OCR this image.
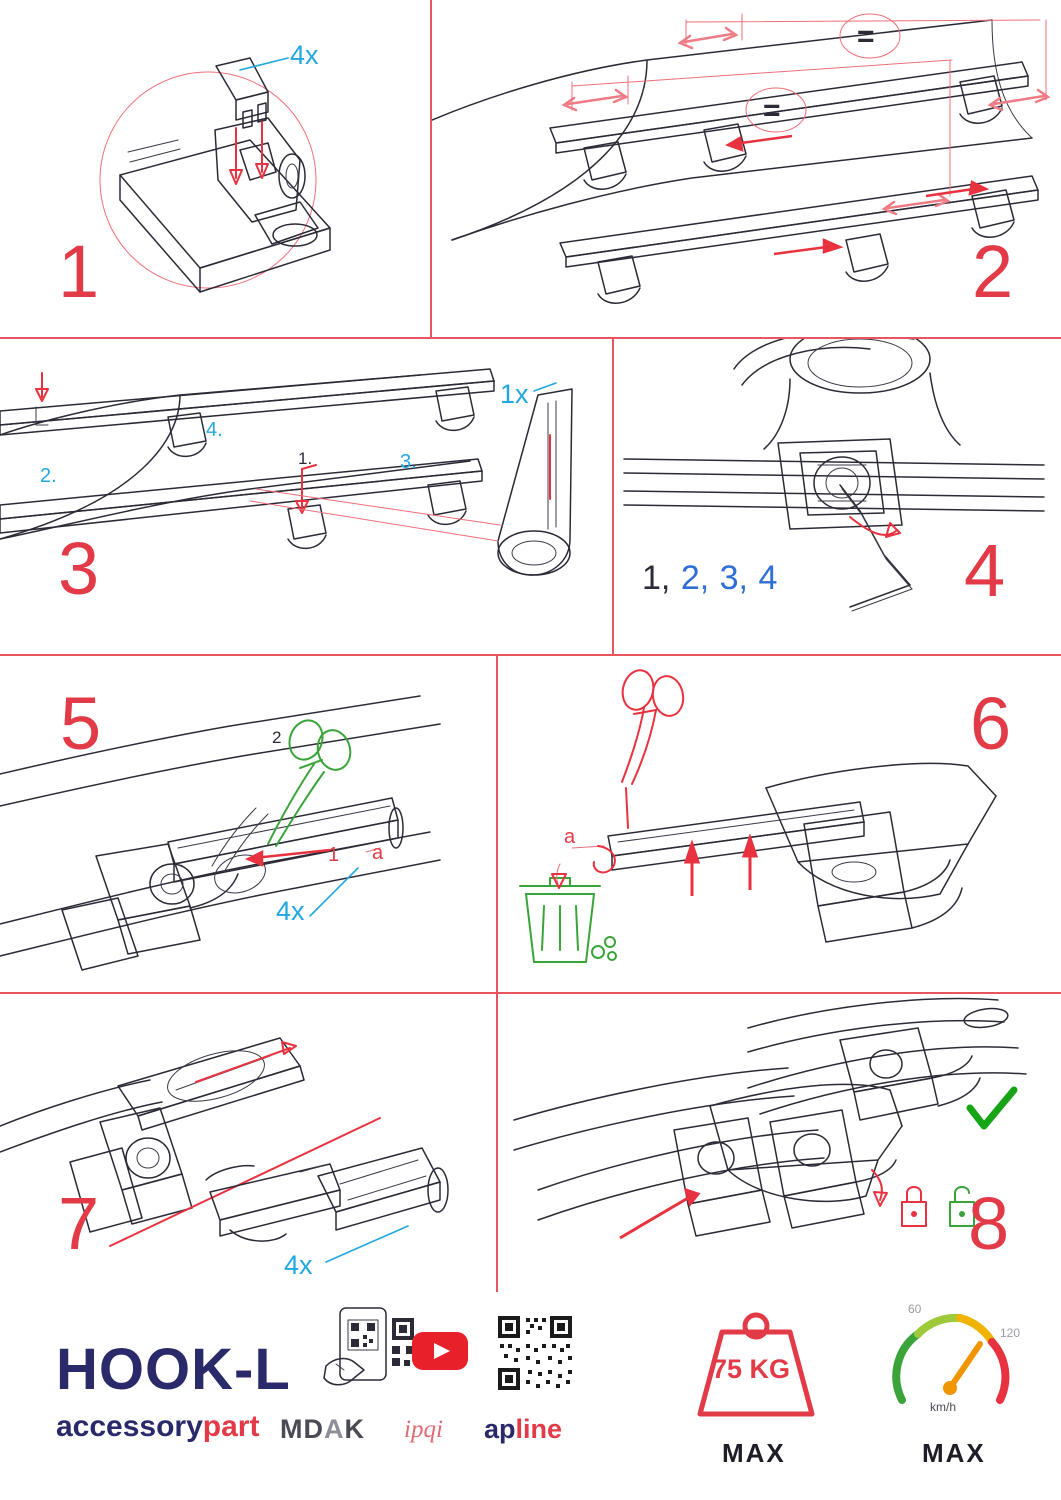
4x
1
=
=
2
1x
4.
2.
1.	3.
3	1, 2, 3, 4	4
5	2
1 a
4x
a
6
7	4x	8
HOOK-L
accessorypart MDAK ipqi apline
75 KG
MAX
60
120
km/h
MAX
